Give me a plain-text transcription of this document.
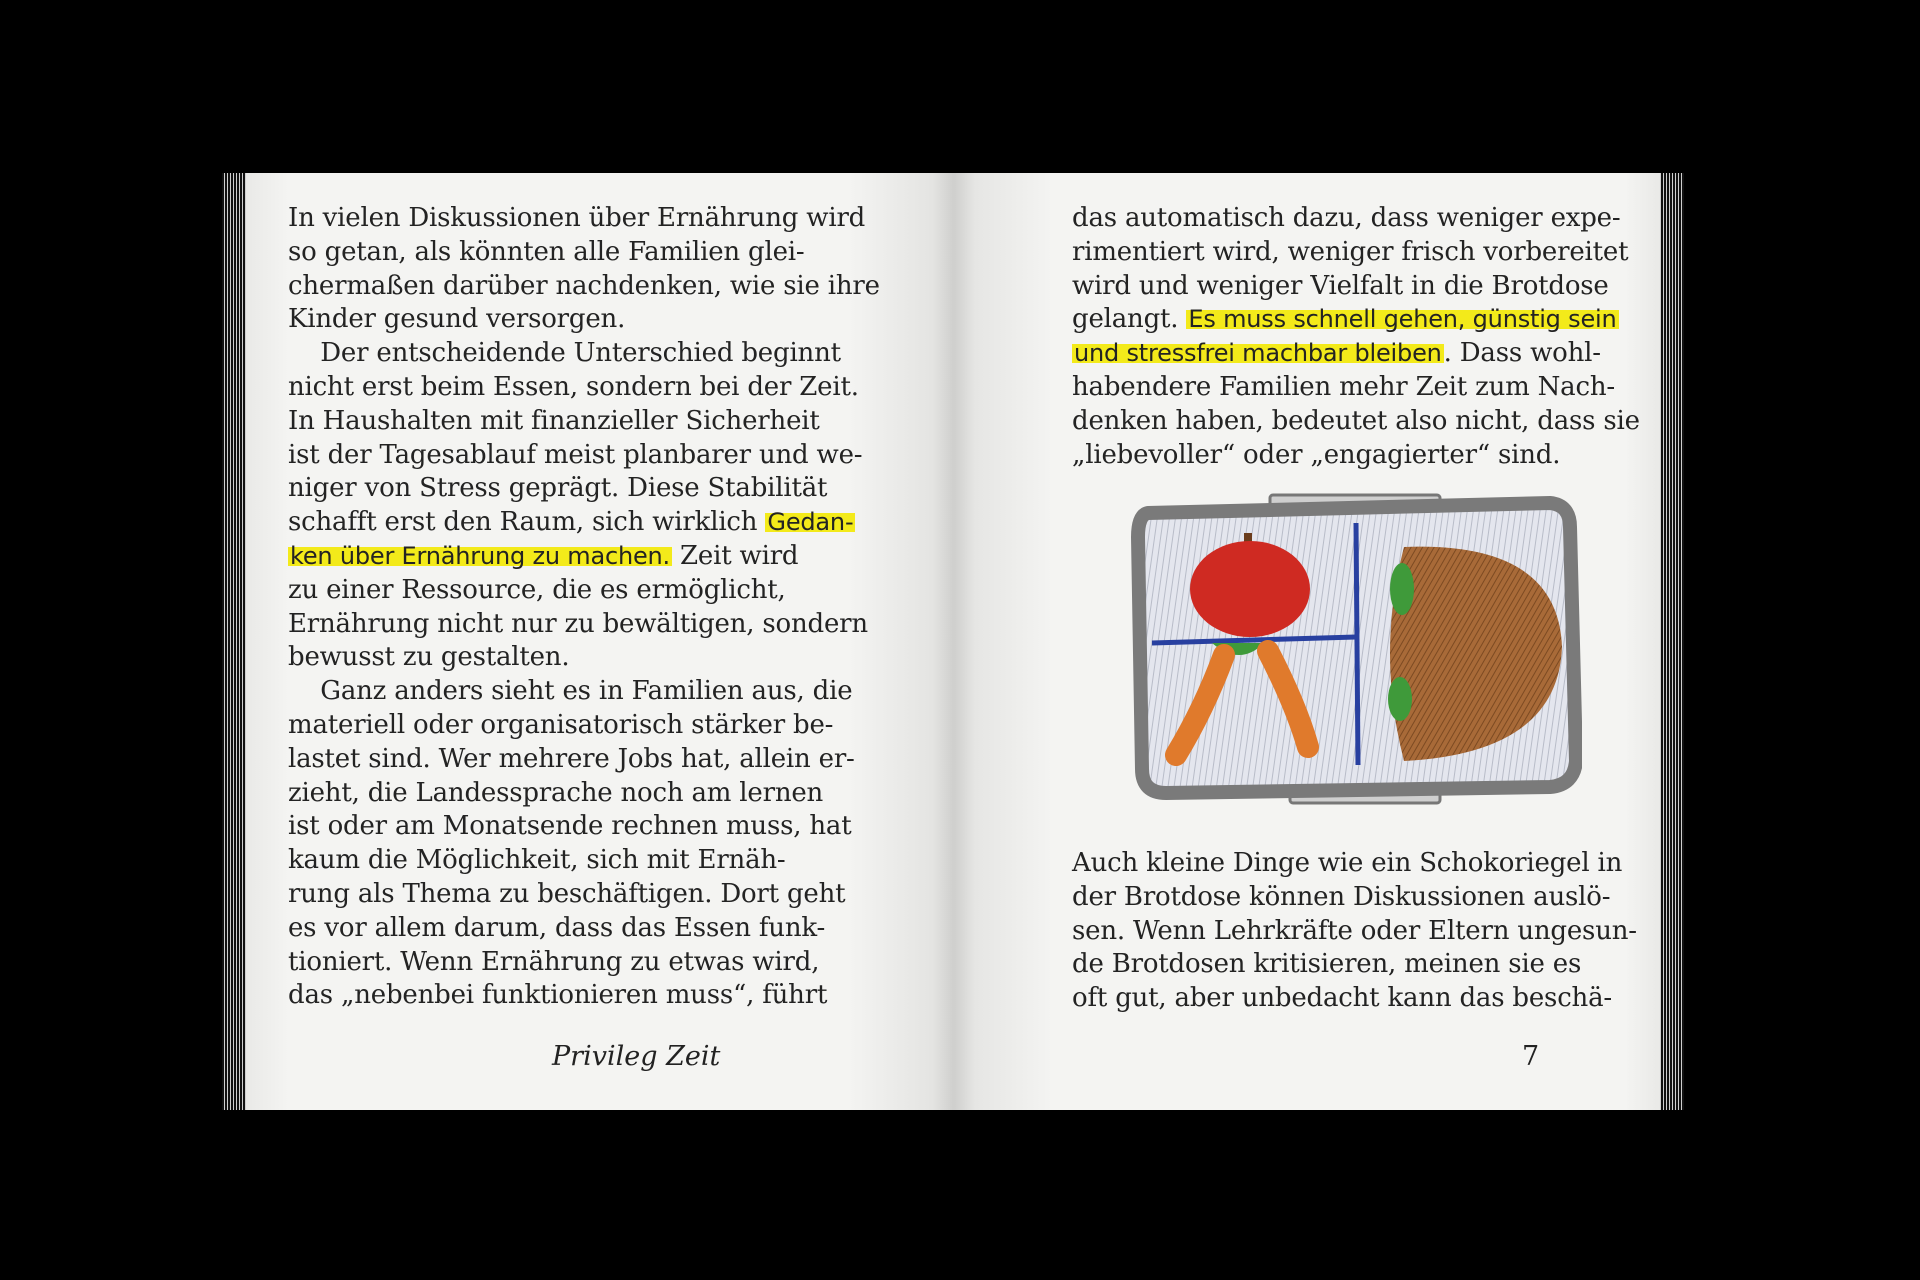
In vielen Diskussionen über Ernährung wird
so getan, als könnten alle Familien glei-
chermaßen darüber nachdenken, wie sie ihre
Kinder gesund versorgen.
Der entscheidende Unterschied beginnt
nicht erst beim Essen, sondern bei der Zeit.
In Haushalten mit finanzieller Sicherheit
ist der Tagesablauf meist planbarer und we-
niger von Stress geprägt. Diese Stabilität
schafft erst den Raum, sich wirklich Gedan-
ken über Ernährung zu machen. Zeit wird
zu einer Ressource, die es ermöglicht,
Ernährung nicht nur zu bewältigen, sondern
bewusst zu gestalten.
Ganz anders sieht es in Familien aus, die
materiell oder organisatorisch stärker be-
lastet sind. Wer mehrere Jobs hat, allein er-
zieht, die Landessprache noch am lernen
ist oder am Monatsende rechnen muss, hat
kaum die Möglichkeit, sich mit Ernäh-
rung als Thema zu beschäftigen. Dort geht
es vor allem darum, dass das Essen funk-
tioniert. Wenn Ernährung zu etwas wird,
das „nebenbei funktionieren muss“, führt
Privileg Zeit
das automatisch dazu, dass weniger expe-
rimentiert wird, weniger frisch vorbereitet
wird und weniger Vielfalt in die Brotdose
gelangt. Es muss schnell gehen, günstig sein
und stressfrei machbar bleiben. Dass wohl-
habendere Familien mehr Zeit zum Nach-
denken haben, bedeutet also nicht, dass sie
„liebevoller“ oder „engagierter“ sind.
Auch kleine Dinge wie ein Schokoriegel in
der Brotdose können Diskussionen auslö-
sen. Wenn Lehrkräfte oder Eltern ungesun-
de Brotdosen kritisieren, meinen sie es
oft gut, aber unbedacht kann das beschä-
7
